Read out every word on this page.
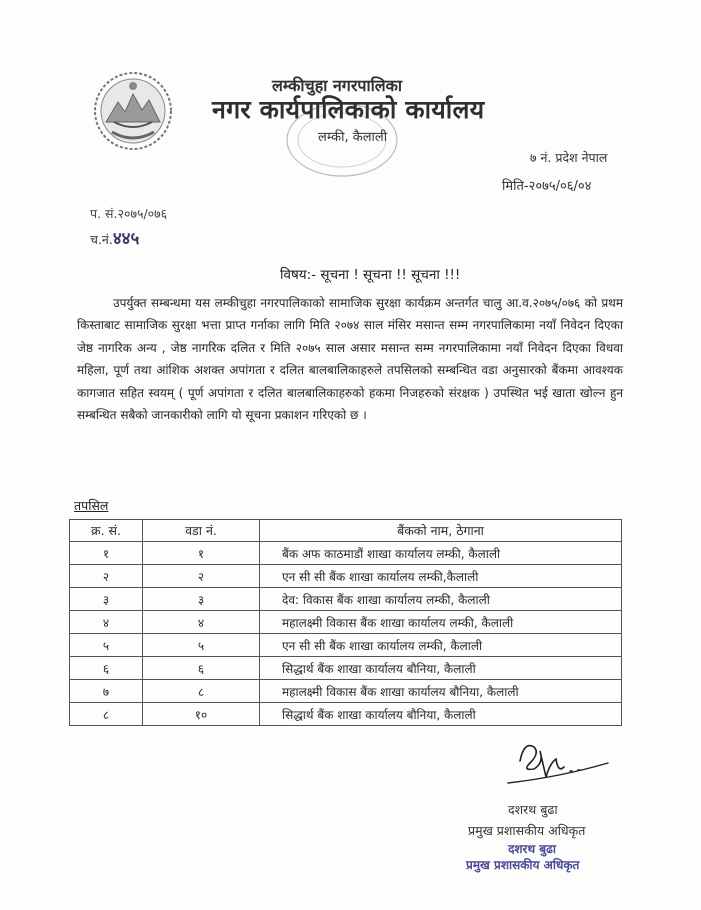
लम्कीचुहा नगरपालिका
नगर कार्यपालिकाको कार्यालय
लम्की, कैलाली
७ नं. प्रदेश नेपाल
मिति-२०७५/०६/०४
प. सं.२०७५/०७६
च.नं.४४५
विषय:- सूचना ! सूचना !! सूचना !!!
उपर्युक्त सम्बन्धमा यस लम्कीचुहा नगरपालिकाको सामाजिक सुरक्षा कार्यक्रम अन्तर्गत चालु आ.व.२०७५/०७६ को प्रथम किस्ताबाट सामाजिक सुरक्षा भत्ता प्राप्त गर्नाका लागि मिति २०७४ साल मंसिर मसान्त सम्म नगरपालिकामा नयाँ निवेदन दिएका जेष्ठ नागरिक अन्य , जेष्ठ नागरिक दलित र मिति २०७५ साल असार मसान्त सम्म नगरपालिकामा नयाँ निवेदन दिएका विधवा महिला, पूर्ण तथा आंशिक अशक्त अपांगता र दलित बालबालिकाहरुले तपसिलको सम्बन्धित वडा अनुसारको बैंकमा आवश्यक कागजात सहित स्वयम् ( पूर्ण अपांगता र दलित बालबालिकाहरुको हकमा निजहरुको संरक्षक ) उपस्थित भई खाता खोल्न हुन सम्बन्धित सबैको जानकारीको लागि यो सूचना प्रकाशन गरिएको छ ।
तपसिल
क्र. सं.	वडा नं.	बैंकको नाम, ठेगाना
१	१	बैंक अफ काठमाडौं शाखा कार्यालय लम्की, कैलाली
२	२	एन सी सी बैंक शाखा कार्यालय लम्की,कैलाली
३	३	देव: विकास बैंक शाखा कार्यालय लम्की, कैलाली
४	४	महालक्ष्मी विकास बैंक शाखा कार्यालय लम्की, कैलाली
५	५	एन सी सी बैंक शाखा कार्यालय लम्की, कैलाली
६	६	सिद्धार्थ बैंक शाखा कार्यालय बौनिया, कैलाली
७	८	महालक्ष्मी विकास बैंक शाखा कार्यालय बौनिया, कैलाली
८	१०	सिद्धार्थ बैंक शाखा कार्यालय बौनिया, कैलाली
दशरथ बुढा
प्रमुख प्रशासकीय अधिकृत
दशरथ बुढा
प्रमुख प्रशासकीय अधिकृत
